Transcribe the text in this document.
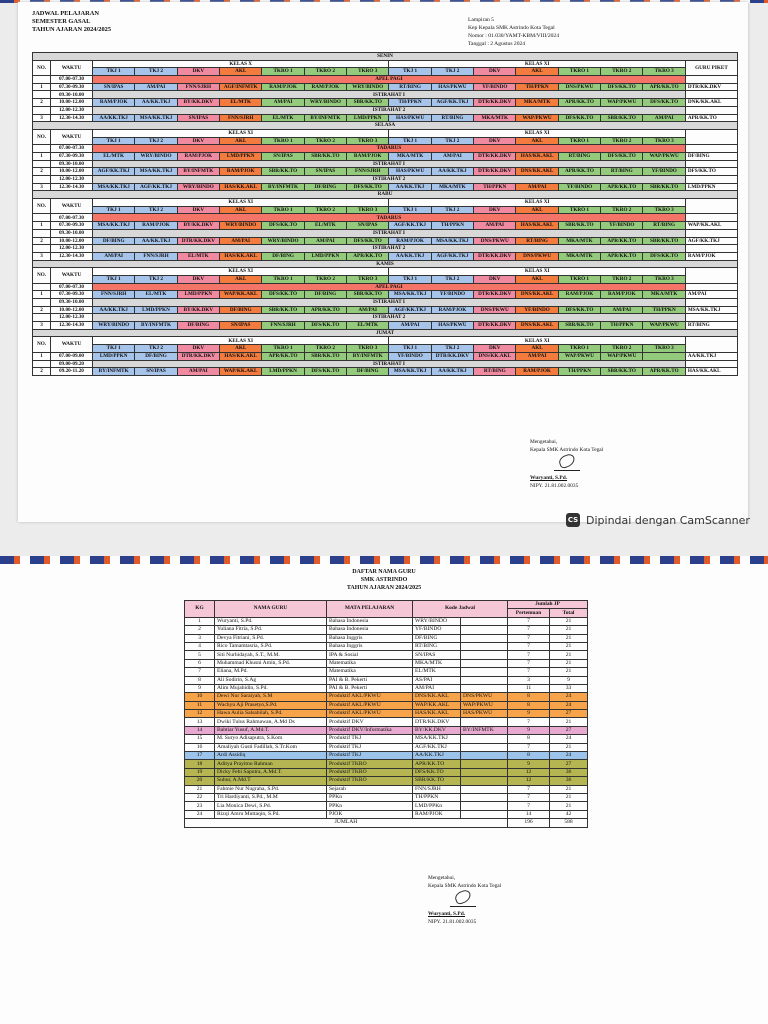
JADWAL PELAJARAN
SEMESTER GASAL
TAHUN AJARAN 2024/2025
Lampiran 5
Kep Kepala SMK Astrindo Kota Tegal
Nomor : 01.030/YAMT-KBM/VIII/2024
Tanggal : 2 Agustus 2024
SENIN																
NO.	WAKTU	KELAS X							KELAS XI							GURU PIKET
		TKJ 1	TKJ 2	DKV	AKL	TKRO 1	TKRO 2	TKRO 3	TKJ 1	TKJ 2	DKV	AKL	TKRO 1	TKRO 2	TKRO 3	
	07.00-07.30	APEL PAGI														
1	07.30-09.30	SN/IPAS	AM/PAI	FNN/SJRH	AGF/INFMTK	RAM/PJOK	RAM/PJOK	WRY/BINDO	RT/BING	HAS/PKWU	YF/BINDO	TH/PPKN	DNS/PKWU	DFS/KK.TO	APR/KK.TO	DTR/KK.DKV
	09.30-10.00	ISTIRAHAT I														
2	10.00-12.00	RAM/PJOK	AA/KK.TKJ	BY/KK.DKV	EL/MTK	AM/PAI	WRY/BINDO	SBR/KK.TO	TH/PPKN	AGF/KK.TKJ	DTR/KK.DKV	MKA/MTK	APR/KK.TO	WAP/PKWU	DFS/KK.TO	DNK/KK.AKL
	12.00-12.30	ISTIRAHAT 2														
3	12.30-14.30	AA/KK.TKJ	MSA/KK.TKJ	SN/IPAS	FNN/SJRH	EL/MTK	BY/INFMTK	LMD/PPKN	HAS/PKWU	RT/BING	MKA/MTK	WAP/PKWU	DFS/KK.TO	SBR/KK.TO	AM/PAI	APR/KK.TO
SELASA																
NO.	WAKTU	KELAS XI							KELAS XI							
		TKJ 1	TKJ 2	DKV	AKL	TKRO 1	TKRO 2	TKRO 3	TKJ 1	TKJ 2	DKV	AKL	TKRO 1	TKRO 2	TKRO 3	
	07.00-07.30	TADARUS														
1	07.30-09.30	EL/MTK	WRY/BINDO	RAM/PJOK	LMD/PPKN	SN/IPAS	SBR/KK.TO	RAM/PJOK	MKA/MTK	AM/PAI	DTR/KK.DKV	HAS/KK.AKL	RT/BING	DFS/KK.TO	WAP/PKWU	DF/BING
	09.30-10.00	ISTIRAHAT I														
2	10.00-12.00	AGF/KK.TKJ	MSA/KK.TKJ	BY/INFMTK	RAM/PJOK	SBR/KK.TO	SN/IPAS	FNN/SJRH	HAS/PKWU	AA/KK.TKJ	DTR/KK.DKV	DNS/KK.AKL	APR/KK.TO	RT/BING	YF/BINDO	DFS/KK.TO
	12.00-12.30	ISTIRAHAT 2														
3	12.30-14.30	MSA/KK.TKJ	AGF/KK.TKJ	WRY/BINDO	HAS/KK.AKL	BY/INFMTK	DF/BING	DFS/KK.TO	AA/KK.TKJ	MKA/MTK	TH/PPKN	AM/PAI	YF/BINDO	APR/KK.TO	SBR/KK.TO	LMD/PPKN
RABU																
NO.	WAKTU	KELAS XI							KELAS XI							
		TKJ 1	TKJ 2	DKV	AKL	TKRO 1	TKRO 2	TKRO 3	TKJ 1	TKJ 2	DKV	AKL	TKRO 1	TKRO 2	TKRO 3	
	07.00-07.30	TADARUS														
1	07.30-09.30	MSA/KK.TKJ	RAM/PJOK	BY/KK.DKV	WRY/BINDO	DFS/KK.TO	EL/MTK	SN/IPAS	AGF/KK.TKJ	TH/PPKN	AM/PAI	HAS/KK.AKL	SBR/KK.TO	YF/BINDO	RT/BING	WAP/KK.AKL
	09.30-10.00	ISTIRAHAT I														
2	10.00-12.00	DF/BING	AA/KK.TKJ	DTR/KK.DKV	AM/PAI	WRY/BINDO	AM/PAI	DFS/KK.TO	RAM/PJOK	MSA/KK.TKJ	DNS/PKWU	RT/BING	MKA/MTK	APR/KK.TO	SBR/KK.TO	AGF/KK.TKJ
	12.00-12.30	ISTIRAHAT 2														
3	12.30-14.30	AM/PAI	FNN/SJRH	EL/MTK	HAS/KK.AKL	DF/BING	LMD/PPKN	APR/KK.TO	AA/KK.TKJ	AGF/KK.TKJ	DTR/KK.DKV	DNS/PKWU	MKA/MTK	APR/KK.TO	DFS/KK.TO	RAM/PJOK
KAMIS																
NO.	WAKTU	KELAS XI							KELAS XI							
		TKJ 1	TKJ 2	DKV	AKL	TKRO 1	TKRO 2	TKRO 3	TKJ 1	TKJ 2	DKV	AKL	TKRO 1	TKRO 2	TKRO 3	
	07.00-07.30	APEL PAGI														
1	07.30-09.30	FNN/SJRH	EL/MTK	LMD/PPKN	WAP/KK.AKL	DFS/KK.TO	DF/BING	SBR/KK.TO	MSA/KK.TKJ	YF/BINDO	DTR/KK.DKV	DNS/KK.AKL	RAM/PJOK	RAM/PJOK	MKA/MTK	AM/PAI
	09.30-10.00	ISTIRAHAT I														
2	10.00-12.00	AA/KK.TKJ	LMD/PPKN	BY/KK.DKV	DF/BING	SBR/KK.TO	APR/KK.TO	AM/PAI	AGF/KK.TKJ	RAM/PJOK	DNS/PKWU	YF/BINDO	DFS/KK.TO	AM/PAI	TH/PPKN	MSA/KK.TKJ
	12.00-12.30	ISTIRAHAT 2														
3	12.30-14.30	WRY/BINDO	BY/INFMTK	DF/BING	SN/IPAS	FNN/SJRH	DFS/KK.TO	EL/MTK	AM/PAI	HAS/PKWU	DTR/KK.DKV	DNS/KK.AKL	SBR/KK.TO	TH/PPKN	WAP/PKWU	RT/BING
JUMAT																
NO.	WAKTU	KELAS XI							KELAS XI							
		TKJ 1	TKJ 2	DKV	AKL	TKRO 1	TKRO 2	TKRO 3	TKJ 1	TKJ 2	DKV	AKL	TKRO 1	TKRO 2	TKRO 3	
1	07.00-09.00	LMD/PPKN	DF/BING	DTR/KK.DKV	HAS/KK.AKL	APR/KK.TO	SBR/KK.TO	BY/INFMTK	YF/BINDO	DTR/KK.DKV	DNS/KK.AKL	AM/PAI	WAP/PKWU	WAP/PKWU		AA/KK.TKJ
	09.00-09.20	ISTIRAHAT I														
2	09.20-11.20	BY/INFMTK	SN/IPAS	AM/PAI	WAP/KK.AKL	LMD/PPKN	DFS/KK.TO	DF/BING	MSA/KK.TKJ	AA/KK.TKJ	RT/BING	RAM/PJOK	TH/PPKN	SBR/KK.TO	APR/KK.TO	HAS/KK.AKL
Mengetahui,
Kepala SMK Astrindo Kota Tegal
Wuryanti, S.Pd.
NIPY. 21.81.002.0035
CS Dipindai dengan CamScanner
DAFTAR NAMA GURU
SMK ASTRINDO
TAHUN AJARAN 2024/2025
KG	NAMA GURU	MATA PELAJARAN	Kode Jadwal		Jumlah JP	
					Pertemuan	Total
1	Wuryanti, S.Pd.	Bahasa Indonesia	WRY/BINDO		7	21
2	Yuliana Fitria, S.Pd.	Bahasa Indonesia	YF/BINDO		7	21
3	Devya Fitriani, S.Pd.	Bahasa Inggris	DF/BING		7	21
4	Rico Tamamtasria, S.Pd.	Bahasa Inggris	RT/BING		7	21
5	Siti Nurhidayah, S.T., M.M.	IPA & Sosial	SN/IPAS		7	21
6	Muhammad Khusni Amin, S.Pd.	Matematika	MKA/MTK		7	21
7	Eliana, M.Pd.	Matematika	EL/MTK		7	21
8	Ali Sodirin, S.Ag	PAI & B. Pekerti	AS/PAI		3	9
9	Alim Mujahidin, S.Pd.	PAI & B. Pekerti	AM/PAI		11	33
10	Dewi Nur Saraiyah, S.M	Produktif AKL/PKWU	DNS/KK.AKL	DNS/PKWU	8	24
11	Wachyu Aji Prasetyo,S.Pd.	Produktif AKL/PKWU	WAP/KK.AKL	WAP/PKWU	8	24
12	Hawa Aulia Salsabilah, S.Pd.	Produktif AKL/PKWU	HAS/KK.AKL	HAS/PKWU	9	27
13	Dwiki Tulus Rahmawan, A.Md Ds	Produktif DKV	DTR/KK.DKV		7	21
14	Bahtiar Yusuf, A.Md.T.	Produktif DKV/Informatika	BY/KK.DKV	BY/INFMTK	9	27
15	M. Suryo Adisaputra, S.Kom	Produktif TKJ	MSA/KK.TKJ		8	24
16	Amaliyah Gusti Fadillah, S.Tr.Kom	Produktif TKJ	AGF/KK.TKJ		7	21
17	Ardi Assidiq	Produktif TKJ	AA/KK.TKJ		8	24
18	Aditya Prayitno Rahman	Produktif TKRO	APR/KK.TO		9	27
19	Dicky Febi Saputra, A.Md.T.	Produktif TKRO	DFS/KK.TO		12	36
20	Subur, A.Md.T	Produktif TKRO	SBR/KK.TO		12	36
21	Fahmie Nur Nugraha, S.Pd.	Sejarah	FNN/SJRH		7	21
22	Tri Hardiyanti, S.Pd., M.M	PPKn	TH/PPKN		7	21
23	Lia Monica Dewi, S.Pd.	PPKn	LMD/PPKn		7	21
24	Rizqi Amru Muttaqin, S.Pd.	PJOK	RAM/PJOK		14	42
JUMLAH					196	588
Mengetahui,
Kepala SMK Astrindo Kota Tegal
Wuryanti, S.Pd.
NIPY. 21.81.002.0035
